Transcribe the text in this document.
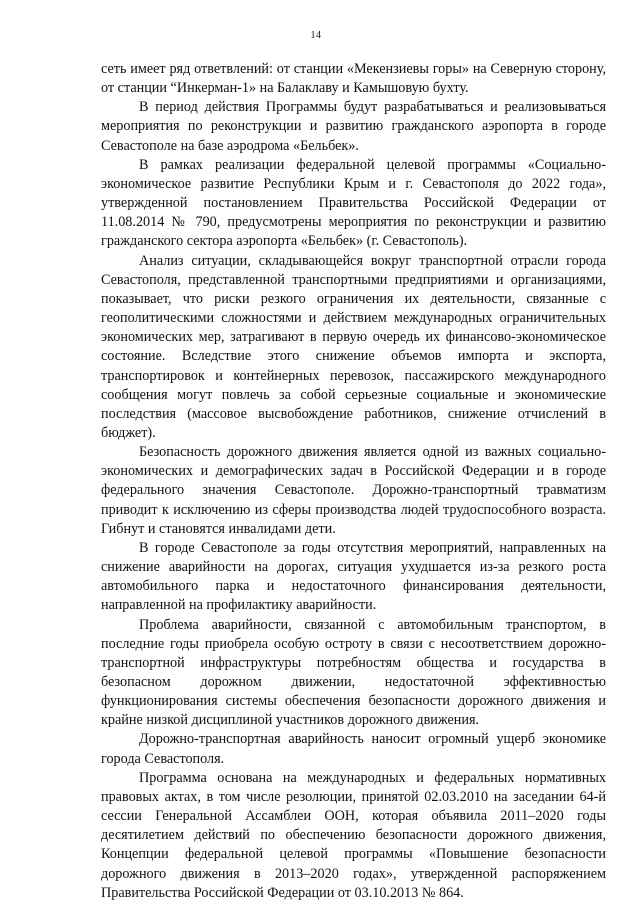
14

сеть имеет ряд ответвлений: от станции «Мекензиевы горы» на Северную сторону, от станции “Инкерман-1» на Балаклаву и Камышовую бухту.

В период действия Программы будут разрабатываться и реализовываться мероприятия по реконструкции и развитию гражданского аэропорта в городе Севастополе на базе аэродрома «Бельбек».

В рамках реализации федеральной целевой программы «Социально-экономическое развитие Республики Крым и г. Севастополя до 2022 года», утвержденной постановлением Правительства Российской Федерации от 11.08.2014 № 790, предусмотрены мероприятия по реконструкции и развитию гражданского сектора аэропорта «Бельбек» (г. Севастополь).

Анализ ситуации, складывающейся вокруг транспортной отрасли города Севастополя, представленной транспортными предприятиями и организациями, показывает, что риски резкого ограничения их деятельности, связанные с геополитическими сложностями и действием международных ограничительных экономических мер, затрагивают в первую очередь их финансово-экономическое состояние. Вследствие этого снижение объемов импорта и экспорта, транспортировок и контейнерных перевозок, пассажирского международного сообщения могут повлечь за собой серьезные социальные и экономические последствия (массовое высвобождение работников, снижение отчислений в бюджет).

Безопасность дорожного движения является одной из важных социально-экономических и демографических задач в Российской Федерации и в городе федерального значения Севастополе. Дорожно-транспортный травматизм приводит к исключению из сферы производства людей трудоспособного возраста. Гибнут и становятся инвалидами дети.

В городе Севастополе за годы отсутствия мероприятий, направленных на снижение аварийности на дорогах, ситуация ухудшается из-за резкого роста автомобильного парка и недостаточного финансирования деятельности, направленной на профилактику аварийности.

Проблема аварийности, связанной с автомобильным транспортом, в последние годы приобрела особую остроту в связи с несоответствием дорожно-транспортной инфраструктуры потребностям общества и государства в безопасном дорожном движении, недостаточной эффективностью функционирования системы обеспечения безопасности дорожного движения и крайне низкой дисциплиной участников дорожного движения.

Дорожно-транспортная аварийность наносит огромный ущерб экономике города Севастополя.

Программа основана на международных и федеральных нормативных правовых актах, в том числе резолюции, принятой 02.03.2010 на заседании 64-й сессии Генеральной Ассамблеи ООН, которая объявила 2011–2020 годы десятилетием действий по обеспечению безопасности дорожного движения, Концепции федеральной целевой программы «Повышение безопасности дорожного движения в 2013–2020 годах», утвержденной распоряжением Правительства Российской Федерации от 03.10.2013 № 864.
